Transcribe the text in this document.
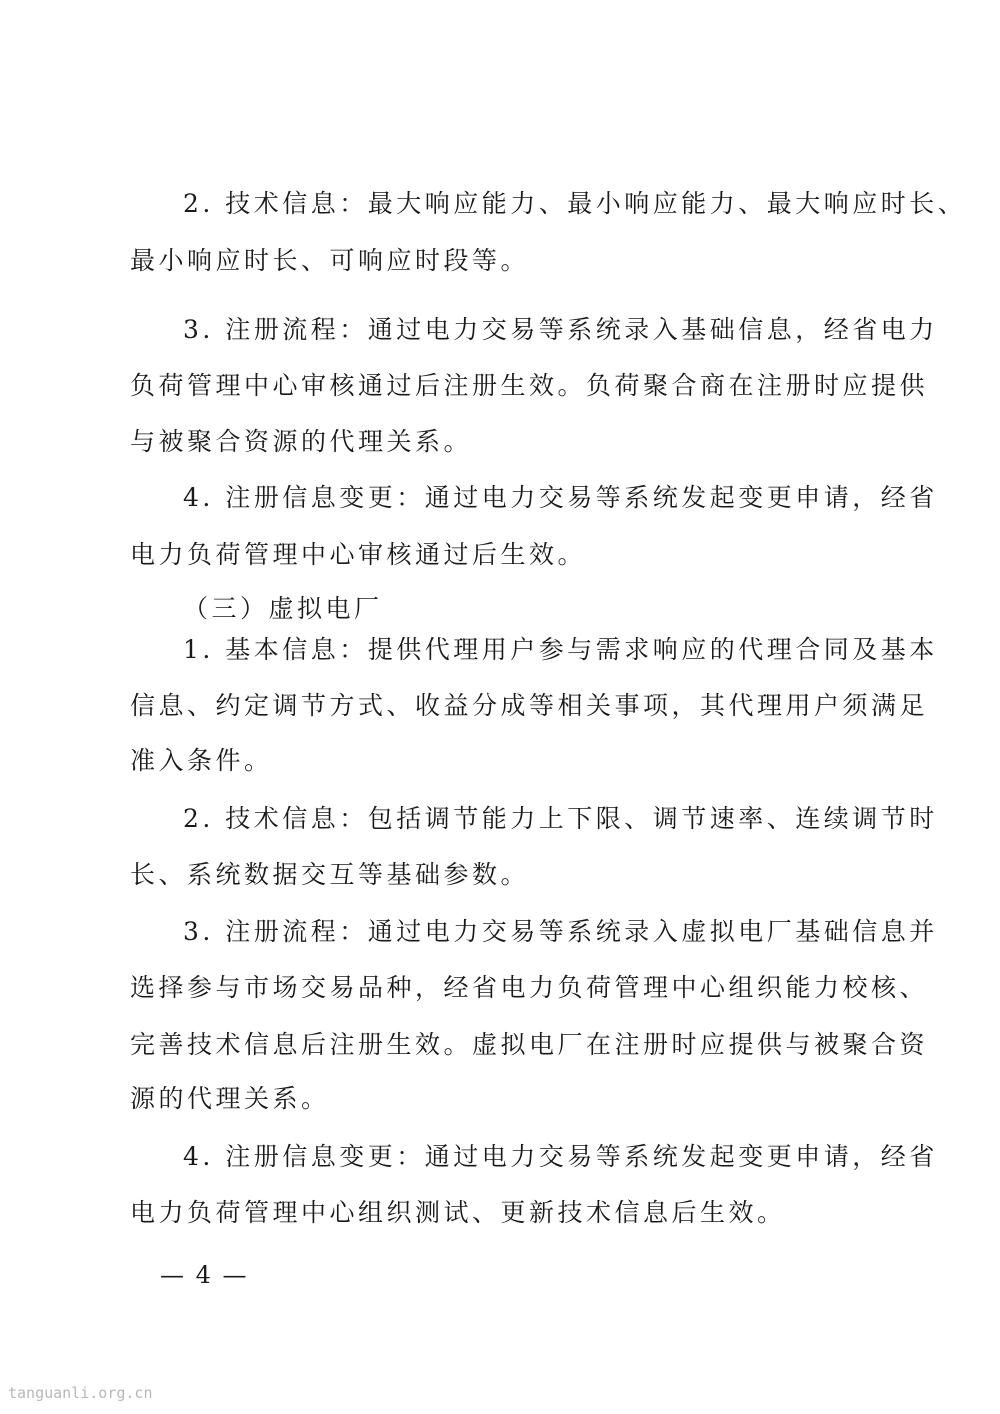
2. 技术信息：最大响应能力、最小响应能力、最大响应时长、
最小响应时长、可响应时段等。
3. 注册流程：通过电力交易等系统录入基础信息，经省电力
负荷管理中心审核通过后注册生效。负荷聚合商在注册时应提供
与被聚合资源的代理关系。
4. 注册信息变更：通过电力交易等系统发起变更申请，经省
电力负荷管理中心审核通过后生效。
（三）虚拟电厂
1. 基本信息：提供代理用户参与需求响应的代理合同及基本
信息、约定调节方式、收益分成等相关事项，其代理用户须满足
准入条件。
2. 技术信息：包括调节能力上下限、调节速率、连续调节时
长、系统数据交互等基础参数。
3. 注册流程：通过电力交易等系统录入虚拟电厂基础信息并
选择参与市场交易品种，经省电力负荷管理中心组织能力校核、
完善技术信息后注册生效。虚拟电厂在注册时应提供与被聚合资
源的代理关系。
4. 注册信息变更：通过电力交易等系统发起变更申请，经省
电力负荷管理中心组织测试、更新技术信息后生效。
— 4 —
tanguanli.org.cn
